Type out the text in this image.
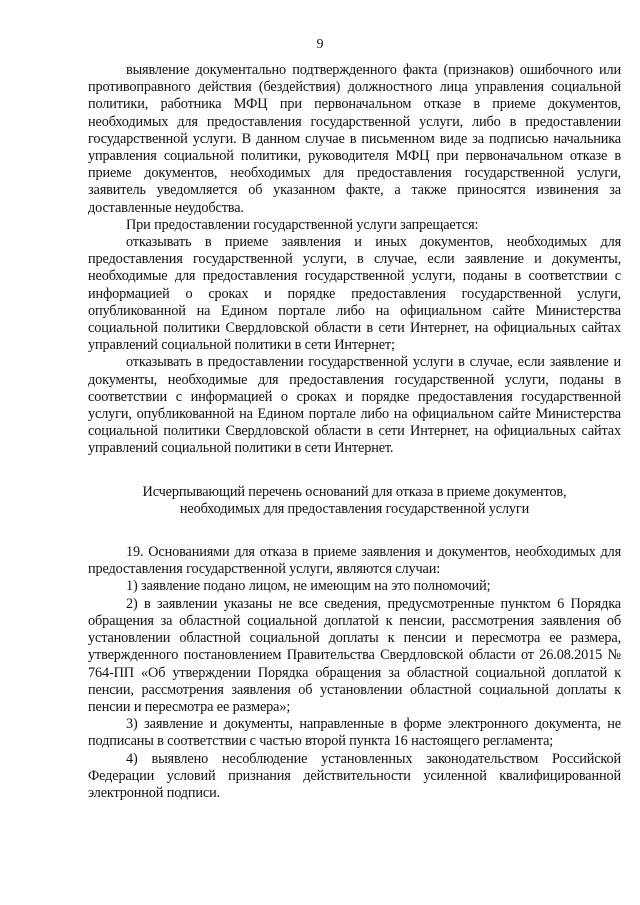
9

выявление документально подтвержденного факта (признаков) ошибочного или противоправного действия (бездействия) должностного лица управления социальной политики, работника МФЦ при первоначальном отказе в приеме документов, необходимых для предоставления государственной услуги, либо в предоставлении государственной услуги. В данном случае в письменном виде за подписью начальника управления социальной политики, руководителя МФЦ при первоначальном отказе в приеме документов, необходимых для предоставления государственной услуги, заявитель уведомляется об указанном факте, а также приносятся извинения за доставленные неудобства.

При предоставлении государственной услуги запрещается:

отказывать в приеме заявления и иных документов, необходимых для предоставления государственной услуги, в случае, если заявление и документы, необходимые для предоставления государственной услуги, поданы в соответствии с информацией о сроках и порядке предоставления государственной услуги, опубликованной на Едином портале либо на официальном сайте Министерства социальной политики Свердловской области в сети Интернет, на официальных сайтах управлений социальной политики в сети Интернет;

отказывать в предоставлении государственной услуги в случае, если заявление и документы, необходимые для предоставления государственной услуги, поданы в соответствии с информацией о сроках и порядке предоставления государственной услуги, опубликованной на Едином портале либо на официальном сайте Министерства социальной политики Свердловской области в сети Интернет, на официальных сайтах управлений социальной политики в сети Интернет.

Исчерпывающий перечень оснований для отказа в приеме документов, необходимых для предоставления государственной услуги

19. Основаниями для отказа в приеме заявления и документов, необходимых для предоставления государственной услуги, являются случаи:

1) заявление подано лицом, не имеющим на это полномочий;

2) в заявлении указаны не все сведения, предусмотренные пунктом 6 Порядка обращения за областной социальной доплатой к пенсии, рассмотрения заявления об установлении областной социальной доплаты к пенсии и пересмотра ее размера, утвержденного постановлением Правительства Свердловской области от 26.08.2015 № 764-ПП «Об утверждении Порядка обращения за областной социальной доплатой к пенсии, рассмотрения заявления об установлении областной социальной доплаты к пенсии и пересмотра ее размера»;

3) заявление и документы, направленные в форме электронного документа, не подписаны в соответствии с частью второй пункта 16 настоящего регламента;

4) выявлено несоблюдение установленных законодательством Российской Федерации условий признания действительности усиленной квалифицированной электронной подписи.
